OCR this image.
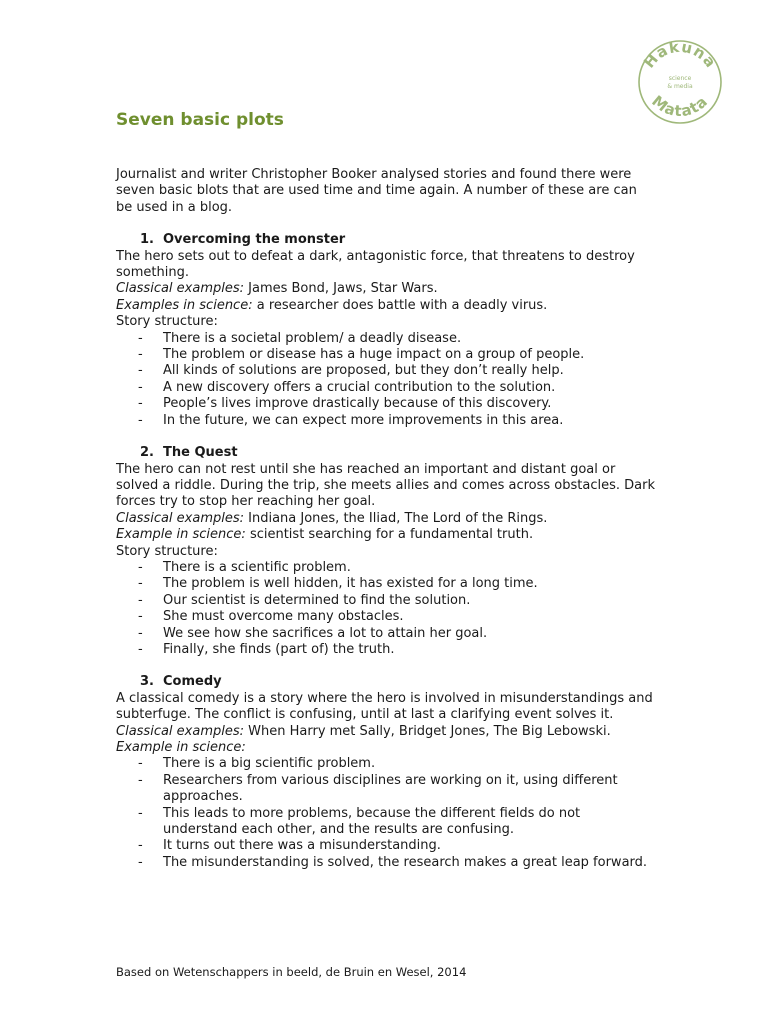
Hakuna
Matata
science
& media
Seven basic plots

Journalist and writer Christopher Booker analysed stories and found there were seven basic blots that are used time and time again. A number of these are can be used in a blog.

1. Overcoming the monster

The hero sets out to defeat a dark, antagonistic force, that threatens to destroy something.

Classical examples: James Bond, Jaws, Star Wars.

Examples in science: a researcher does battle with a deadly virus.

Story structure:

-	There is a societal problem/ a deadly disease.
-	The problem or disease has a huge impact on a group of people.
-	All kinds of solutions are proposed, but they don’t really help.
-	A new discovery offers a crucial contribution to the solution.
-	People’s lives improve drastically because of this discovery.
-	In the future, we can expect more improvements in this area.
2. The Quest

The hero can not rest until she has reached an important and distant goal or solved a riddle. During the trip, she meets allies and comes across obstacles. Dark forces try to stop her reaching her goal.

Classical examples: Indiana Jones, the Iliad, The Lord of the Rings.

Example in science: scientist searching for a fundamental truth.

Story structure:

-	There is a scientific problem.
-	The problem is well hidden, it has existed for a long time.
-	Our scientist is determined to find the solution.
-	She must overcome many obstacles.
-	We see how she sacrifices a lot to attain her goal.
-	Finally, she finds (part of) the truth.
3. Comedy

A classical comedy is a story where the hero is involved in misunderstandings and subterfuge. The conflict is confusing, until at last a clarifying event solves it.

Classical examples: When Harry met Sally, Bridget Jones, The Big Lebowski.

Example in science:

-	There is a big scientific problem.
-	Researchers from various disciplines are working on it, using different approaches.
-	This leads to more problems, because the different fields do not understand each other, and the results are confusing.
-	It turns out there was a misunderstanding.
-	The misunderstanding is solved, the research makes a great leap forward.
Based on Wetenschappers in beeld, de Bruin en Wesel, 2014
